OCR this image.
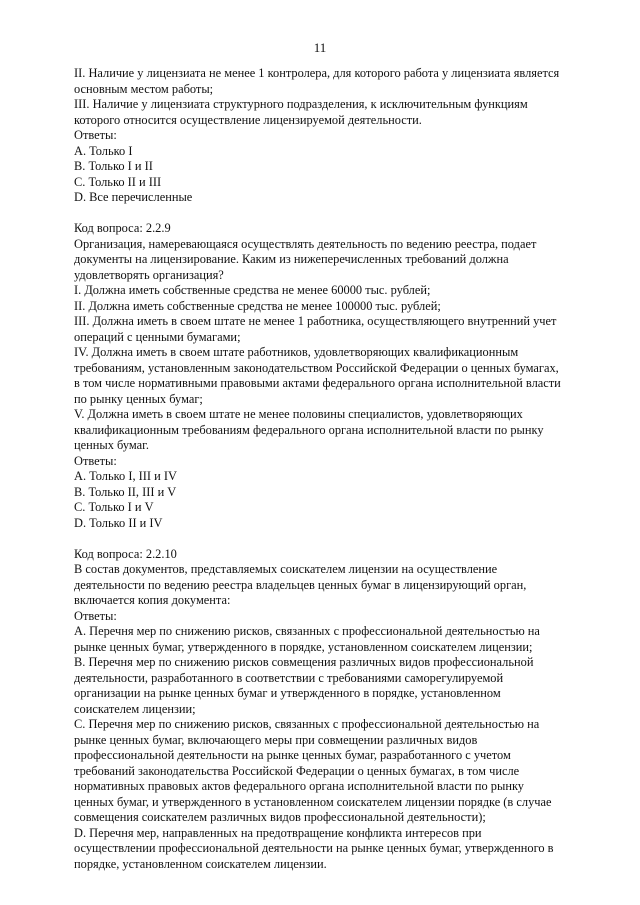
11
II. Наличие у лицензиата не менее 1 контролера, для которого работа у лицензиата является
основным местом работы;
III. Наличие у лицензиата структурного подразделения, к исключительным функциям
которого относится осуществление лицензируемой деятельности.
Ответы:
A. Только I
B. Только I и II
C. Только II и III
D. Все перечисленные
Код вопроса: 2.2.9
Организация, намеревающаяся осуществлять деятельность по ведению реестра, подает
документы на лицензирование. Каким из нижеперечисленных требований должна
удовлетворять организация?
I. Должна иметь собственные средства не менее 60000 тыс. рублей;
II. Должна иметь собственные средства не менее 100000 тыс. рублей;
III. Должна иметь в своем штате не менее 1 работника, осуществляющего внутренний учет
операций с ценными бумагами;
IV. Должна иметь в своем штате работников, удовлетворяющих квалификационным
требованиям, установленным законодательством Российской Федерации о ценных бумагах,
в том числе нормативными правовыми актами федерального органа исполнительной власти
по рынку ценных бумаг;
V. Должна иметь в своем штате не менее половины специалистов, удовлетворяющих
квалификационным требованиям федерального органа исполнительной власти по рынку
ценных бумаг.
Ответы:
A. Только I, III и IV
B. Только II, III и V
C. Только I и V
D. Только II и IV
Код вопроса: 2.2.10
В состав документов, представляемых соискателем лицензии на осуществление
деятельности по ведению реестра владельцев ценных бумаг в лицензирующий орган,
включается копия документа:
Ответы:
A. Перечня мер по снижению рисков, связанных с профессиональной деятельностью на
рынке ценных бумаг, утвержденного в порядке, установленном соискателем лицензии;
B. Перечня мер по снижению рисков совмещения различных видов профессиональной
деятельности, разработанного в соответствии с требованиями саморегулируемой
организации на рынке ценных бумаг и утвержденного в порядке, установленном
соискателем лицензии;
C. Перечня мер по снижению рисков, связанных с профессиональной деятельностью на
рынке ценных бумаг, включающего меры при совмещении различных видов
профессиональной деятельности на рынке ценных бумаг, разработанного с учетом
требований законодательства Российской Федерации о ценных бумагах, в том числе
нормативных правовых актов федерального органа исполнительной власти по рынку
ценных бумаг, и утвержденного в установленном соискателем лицензии порядке (в случае
совмещения соискателем различных видов профессиональной деятельности);
D. Перечня мер, направленных на предотвращение конфликта интересов при
осуществлении профессиональной деятельности на рынке ценных бумаг, утвержденного в
порядке, установленном соискателем лицензии.
